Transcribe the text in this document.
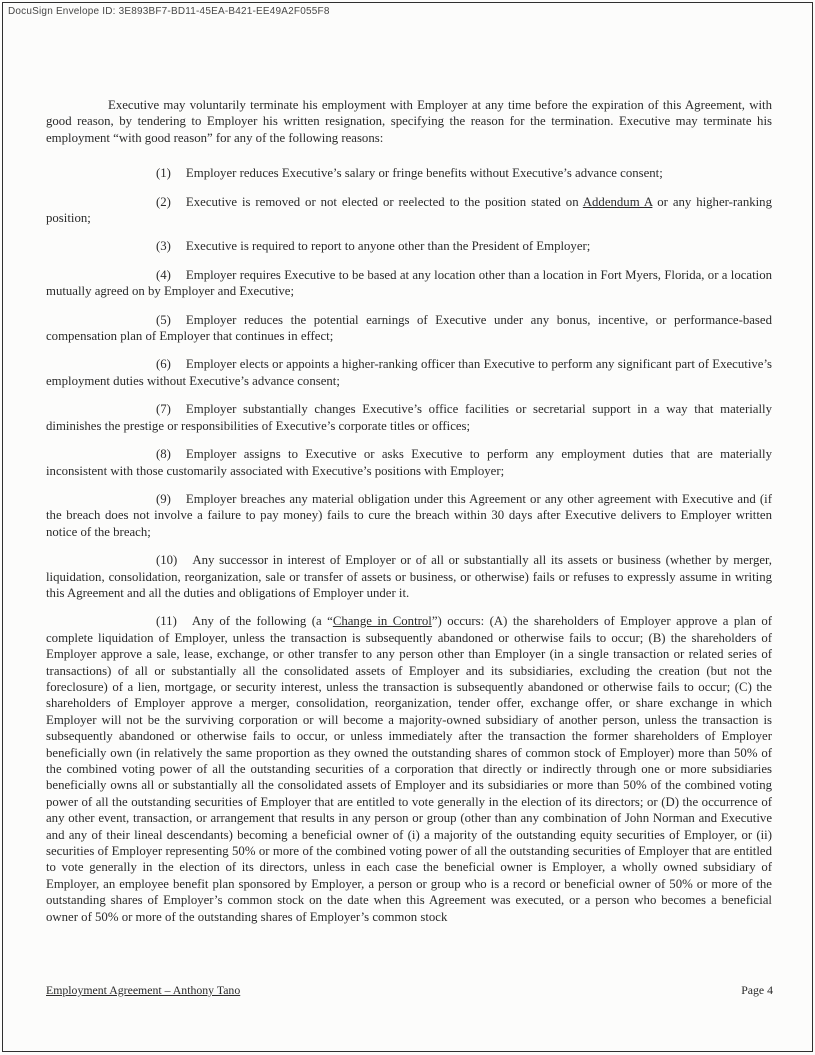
DocuSign Envelope ID: 3E893BF7-BD11-45EA-B421-EE49A2F055F8

Executive may voluntarily terminate his employment with Employer at any time before the expiration of this Agreement, with good reason, by tendering to Employer his written resignation, specifying the reason for the termination. Executive may terminate his employment “with good reason” for any of the following reasons:

(1) Employer reduces Executive’s salary or fringe benefits without Executive’s advance consent;

(2) Executive is removed or not elected or reelected to the position stated on Addendum A or any higher-ranking position;

(3) Executive is required to report to anyone other than the President of Employer;

(4) Employer requires Executive to be based at any location other than a location in Fort Myers, Florida, or a location mutually agreed on by Employer and Executive;

(5) Employer reduces the potential earnings of Executive under any bonus, incentive, or performance-based compensation plan of Employer that continues in effect;

(6) Employer elects or appoints a higher-ranking officer than Executive to perform any significant part of Executive’s employment duties without Executive’s advance consent;

(7) Employer substantially changes Executive’s office facilities or secretarial support in a way that materially diminishes the prestige or responsibilities of Executive’s corporate titles or offices;

(8) Employer assigns to Executive or asks Executive to perform any employment duties that are materially inconsistent with those customarily associated with Executive’s positions with Employer;

(9) Employer breaches any material obligation under this Agreement or any other agreement with Executive and (if the breach does not involve a failure to pay money) fails to cure the breach within 30 days after Executive delivers to Employer written notice of the breach;

(10) Any successor in interest of Employer or of all or substantially all its assets or business (whether by merger, liquidation, consolidation, reorganization, sale or transfer of assets or business, or otherwise) fails or refuses to expressly assume in writing this Agreement and all the duties and obligations of Employer under it.

(11) Any of the following (a “Change in Control”) occurs: (A) the shareholders of Employer approve a plan of complete liquidation of Employer, unless the transaction is subsequently abandoned or otherwise fails to occur; (B) the shareholders of Employer approve a sale, lease, exchange, or other transfer to any person other than Employer (in a single transaction or related series of transactions) of all or substantially all the consolidated assets of Employer and its subsidiaries, excluding the creation (but not the foreclosure) of a lien, mortgage, or security interest, unless the transaction is subsequently abandoned or otherwise fails to occur; (C) the shareholders of Employer approve a merger, consolidation, reorganization, tender offer, exchange offer, or share exchange in which Employer will not be the surviving corporation or will become a majority-owned subsidiary of another person, unless the transaction is subsequently abandoned or otherwise fails to occur, or unless immediately after the transaction the former shareholders of Employer beneficially own (in relatively the same proportion as they owned the outstanding shares of common stock of Employer) more than 50% of the combined voting power of all the outstanding securities of a corporation that directly or indirectly through one or more subsidiaries beneficially owns all or substantially all the consolidated assets of Employer and its subsidiaries or more than 50% of the combined voting power of all the outstanding securities of Employer that are entitled to vote generally in the election of its directors; or (D) the occurrence of any other event, transaction, or arrangement that results in any person or group (other than any combination of John Norman and Executive and any of their lineal descendants) becoming a beneficial owner of (i) a majority of the outstanding equity securities of Employer, or (ii) securities of Employer representing 50% or more of the combined voting power of all the outstanding securities of Employer that are entitled to vote generally in the election of its directors, unless in each case the beneficial owner is Employer, a wholly owned subsidiary of Employer, an employee benefit plan sponsored by Employer, a person or group who is a record or beneficial owner of 50% or more of the outstanding shares of Employer’s common stock on the date when this Agreement was executed, or a person who becomes a beneficial owner of 50% or more of the outstanding shares of Employer’s common stock

Employment Agreement – Anthony Tano	Page 4
